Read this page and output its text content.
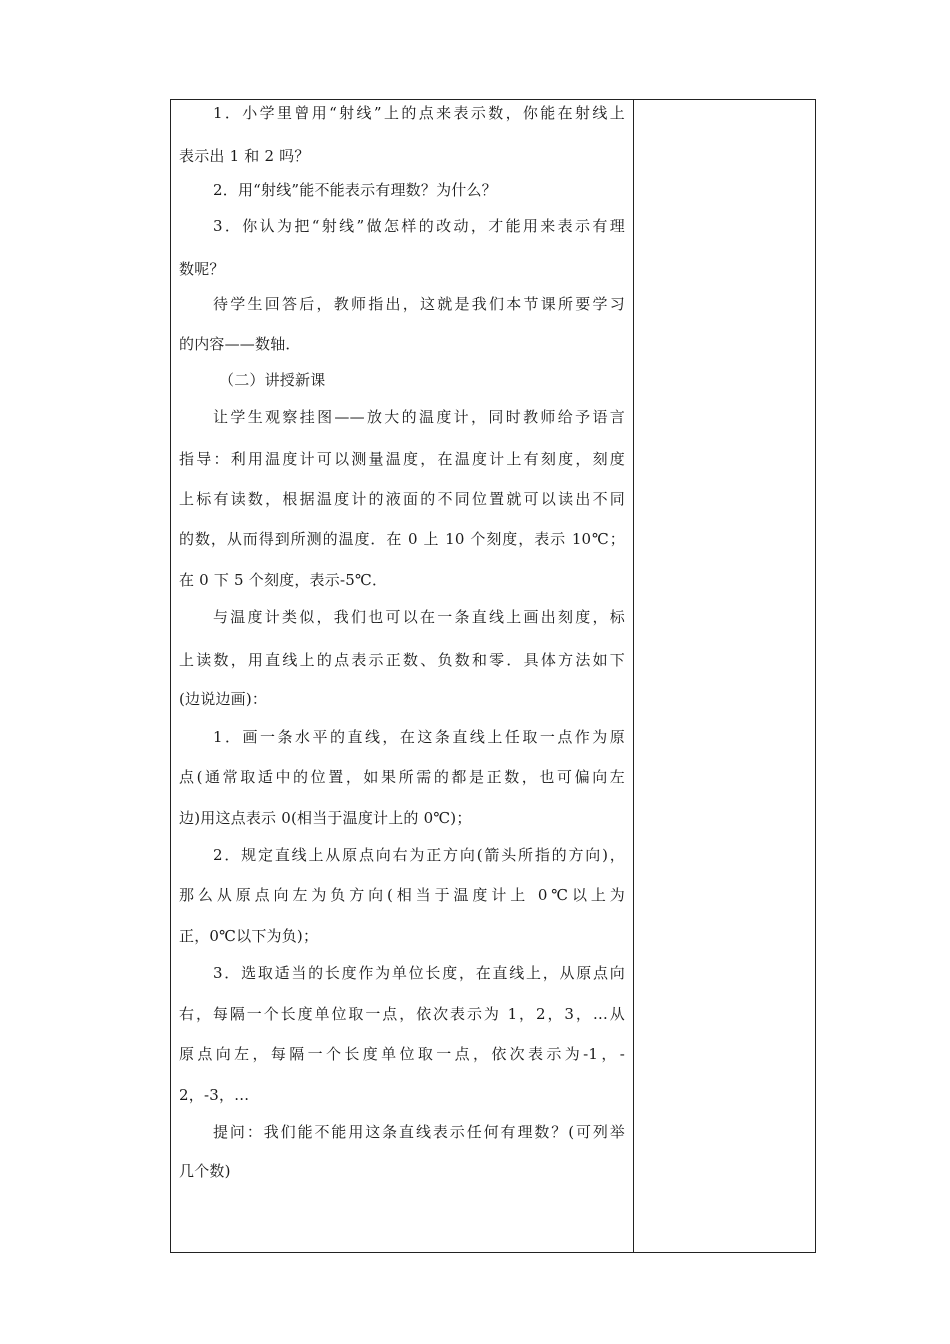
1．小学里曾用“射线”上的点来表示数，你能在射线上
表示出 1 和 2 吗？
2．用“射线”能不能表示有理数？为什么？
3．你认为把“射线”做怎样的改动，才能用来表示有理
数呢？
待学生回答后，教师指出，这就是我们本节课所要学习
的内容——数轴．
（二）讲授新课
让学生观察挂图——放大的温度计，同时教师给予语言
指导：利用温度计可以测量温度，在温度计上有刻度，刻度
上标有读数，根据温度计的液面的不同位置就可以读出不同
的数，从而得到所测的温度．在 0 上 10 个刻度，表示 10℃；
在 0 下 5 个刻度，表示-5℃．
与温度计类似，我们也可以在一条直线上画出刻度，标
上读数，用直线上的点表示正数、负数和零．具体方法如下
(边说边画)：
1．画一条水平的直线，在这条直线上任取一点作为原
点(通常取适中的位置，如果所需的都是正数，也可偏向左
边)用这点表示 0(相当于温度计上的 0℃)；
2．规定直线上从原点向右为正方向(箭头所指的方向)，
那么从原点向左为负方向(相当于温度计上 0℃以上为
正，0℃以下为负)；
3．选取适当的长度作为单位长度，在直线上，从原点向
右，每隔一个长度单位取一点，依次表示为 1，2，3，…从
原点向左，每隔一个长度单位取一点，依次表示为-1，-
2，-3，…
提问：我们能不能用这条直线表示任何有理数？(可列举
几个数)
